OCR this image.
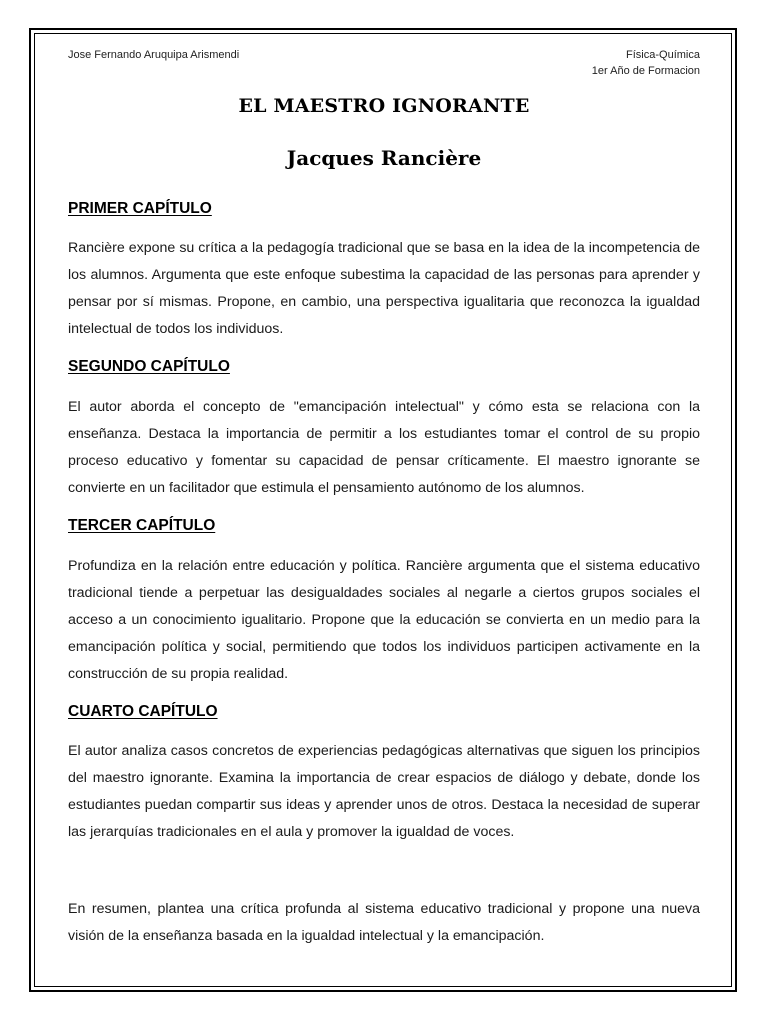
Jose Fernando Aruquipa Arismendi	Física-Química
1er Año de Formacion
EL MAESTRO IGNORANTE
Jacques Rancière
PRIMER CAPÍTULO
Rancière expone su crítica a la pedagogía tradicional que se basa en la idea de la incompetencia de los alumnos. Argumenta que este enfoque subestima la capacidad de las personas para aprender y pensar por sí mismas. Propone, en cambio, una perspectiva igualitaria que reconozca la igualdad intelectual de todos los individuos.
SEGUNDO CAPÍTULO
El autor aborda el concepto de "emancipación intelectual" y cómo esta se relaciona con la enseñanza. Destaca la importancia de permitir a los estudiantes tomar el control de su propio proceso educativo y fomentar su capacidad de pensar críticamente. El maestro ignorante se convierte en un facilitador que estimula el pensamiento autónomo de los alumnos.
TERCER CAPÍTULO
Profundiza en la relación entre educación y política. Rancière argumenta que el sistema educativo tradicional tiende a perpetuar las desigualdades sociales al negarle a ciertos grupos sociales el acceso a un conocimiento igualitario. Propone que la educación se convierta en un medio para la emancipación política y social, permitiendo que todos los individuos participen activamente en la construcción de su propia realidad.
CUARTO CAPÍTULO
El autor analiza casos concretos de experiencias pedagógicas alternativas que siguen los principios del maestro ignorante. Examina la importancia de crear espacios de diálogo y debate, donde los estudiantes puedan compartir sus ideas y aprender unos de otros. Destaca la necesidad de superar las jerarquías tradicionales en el aula y promover la igualdad de voces.
En resumen, plantea una crítica profunda al sistema educativo tradicional y propone una nueva visión de la enseñanza basada en la igualdad intelectual y la emancipación.
